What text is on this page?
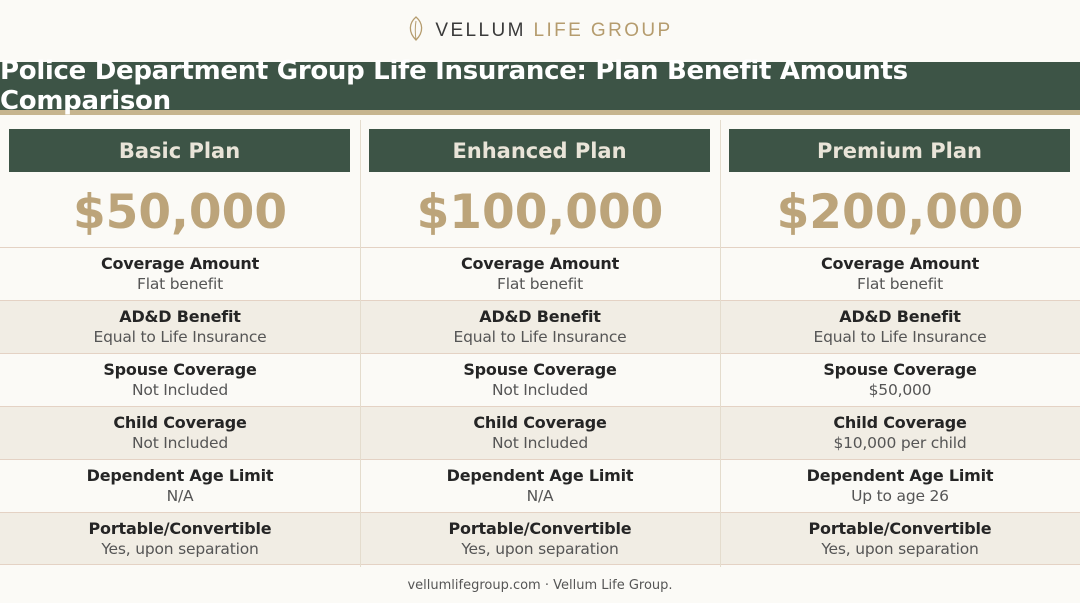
VELLUM LIFE GROUP
Police Department Group Life Insurance: Plan Benefit Amounts Comparison
Basic Plan
$50,000
Coverage Amount
Flat benefit
AD&D Benefit
Equal to Life Insurance
Spouse Coverage
Not Included
Child Coverage
Not Included
Dependent Age Limit
N/A
Portable/Convertible
Yes, upon separation
Enhanced Plan
$100,000
Coverage Amount
Flat benefit
AD&D Benefit
Equal to Life Insurance
Spouse Coverage
Not Included
Child Coverage
Not Included
Dependent Age Limit
N/A
Portable/Convertible
Yes, upon separation
Premium Plan
$200,000
Coverage Amount
Flat benefit
AD&D Benefit
Equal to Life Insurance
Spouse Coverage
$50,000
Child Coverage
$10,000 per child
Dependent Age Limit
Up to age 26
Portable/Convertible
Yes, upon separation
vellumlifegroup.com · Vellum Life Group.
